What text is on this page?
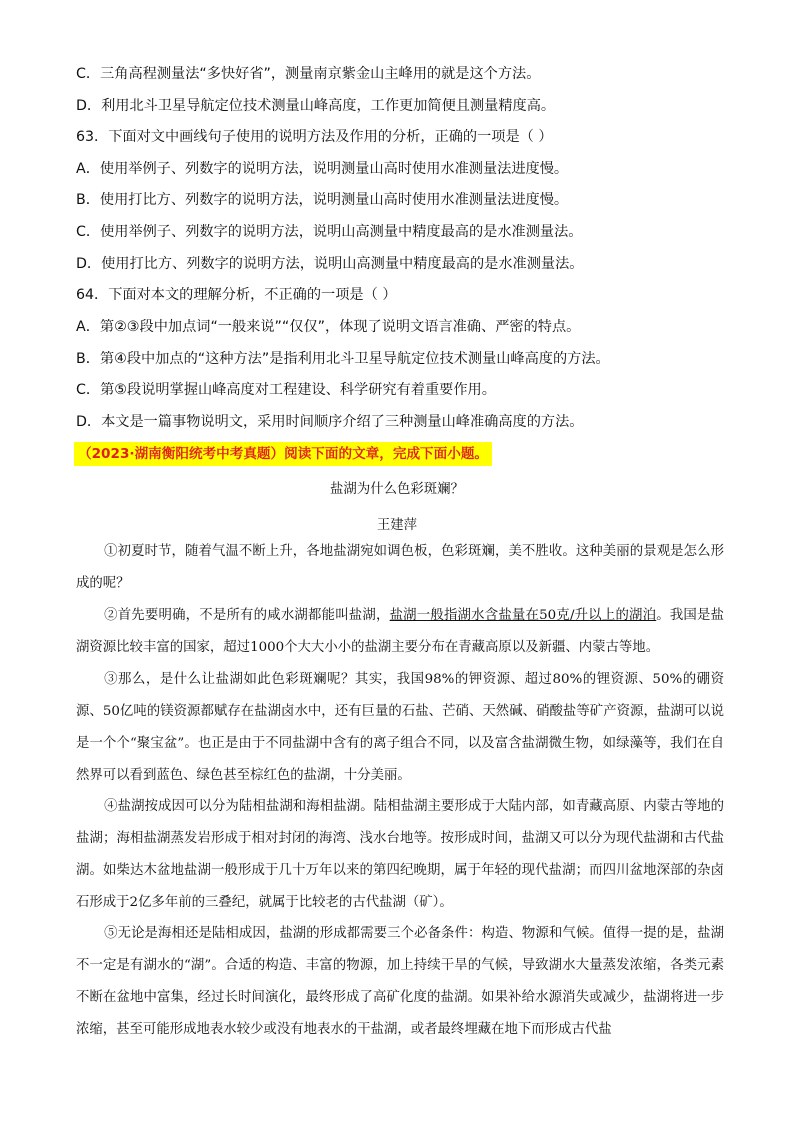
C．三角高程测量法“多快好省”，测量南京紫金山主峰用的就是这个方法。
D．利用北斗卫星导航定位技术测量山峰高度，工作更加简便且测量精度高。
63．下面对文中画线句子使用的说明方法及作用的分析，正确的一项是（ ）
A．使用举例子、列数字的说明方法，说明测量山高时使用水准测量法进度慢。
B．使用打比方、列数字的说明方法，说明测量山高时使用水准测量法进度慢。
C．使用举例子、列数字的说明方法，说明山高测量中精度最高的是水准测量法。
D．使用打比方、列数字的说明方法，说明山高测量中精度最高的是水准测量法。
64．下面对本文的理解分析，不正确的一项是（ ）
A．第②③段中加点词“一般来说”“仅仅”，体现了说明文语言准确、严密的特点。
B．第④段中加点的“这种方法”是指利用北斗卫星导航定位技术测量山峰高度的方法。
C．第⑤段说明掌握山峰高度对工程建设、科学研究有着重要作用。
D．本文是一篇事物说明文，采用时间顺序介绍了三种测量山峰准确高度的方法。
（2023·湖南衡阳统考中考真题）阅读下面的文章，完成下面小题。
盐湖为什么色彩斑斓？
王建萍
①初夏时节，随着气温不断上升，各地盐湖宛如调色板，色彩斑斓，美不胜收。这种美丽的景观是怎么形成的呢？
②首先要明确，不是所有的咸水湖都能叫盐湖，盐湖一般指湖水含盐量在50克/升以上的湖泊。我国是盐湖资源比较丰富的国家，超过1000个大大小小的盐湖主要分布在青藏高原以及新疆、内蒙古等地。
③那么，是什么让盐湖如此色彩斑斓呢？其实，我国98%的钾资源、超过80%的锂资源、50%的硼资源、50亿吨的镁资源都赋存在盐湖卤水中，还有巨量的石盐、芒硝、天然碱、硝酸盐等矿产资源，盐湖可以说是一个个“聚宝盆”。也正是由于不同盐湖中含有的离子组合不同，以及富含盐湖微生物，如绿藻等，我们在自然界可以看到蓝色、绿色甚至棕红色的盐湖，十分美丽。
④盐湖按成因可以分为陆相盐湖和海相盐湖。陆相盐湖主要形成于大陆内部，如青藏高原、内蒙古等地的盐湖；海相盐湖蒸发岩形成于相对封闭的海湾、浅水台地等。按形成时间，盐湖又可以分为现代盐湖和古代盐湖。如柴达木盆地盐湖一般形成于几十万年以来的第四纪晚期，属于年轻的现代盐湖；而四川盆地深部的杂卤石形成于2亿多年前的三叠纪，就属于比较老的古代盐湖（矿）。
⑤无论是海相还是陆相成因，盐湖的形成都需要三个必备条件：构造、物源和气候。值得一提的是，盐湖不一定是有湖水的“湖”。合适的构造、丰富的物源，加上持续干旱的气候，导致湖水大量蒸发浓缩，各类元素不断在盆地中富集，经过长时间演化，最终形成了高矿化度的盐湖。如果补给水源消失或减少，盐湖将进一步浓缩，甚至可能形成地表水较少或没有地表水的干盐湖，或者最终埋藏在地下而形成古代盐
